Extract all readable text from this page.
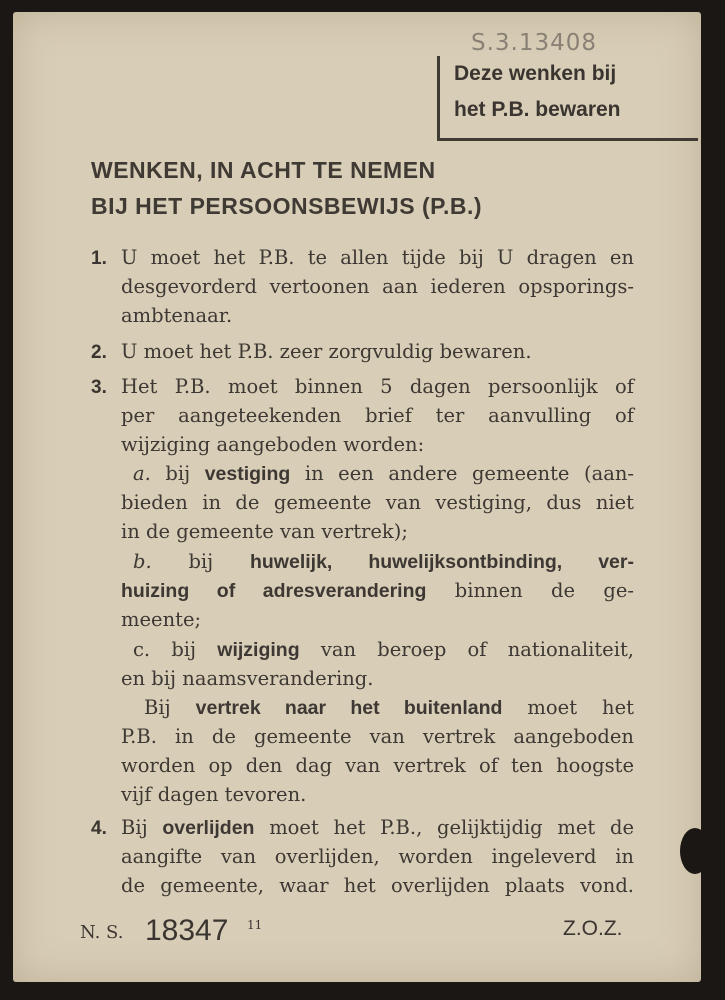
S.3.13408
Deze wenken bij
het P.B. bewaren
WENKEN, IN ACHT TE NEMEN
BIJ HET PERSOONSBEWIJS (P.B.)
1. U moet het P.B. te allen tijde bij U dragen en
desgevorderd vertoonen aan iederen opsporings-
ambtenaar.
2. U moet het P.B. zeer zorgvuldig bewaren.
3. Het P.B. moet binnen 5 dagen persoonlijk of
per aangeteekenden brief ter aanvulling of
wijziging aangeboden worden:
a. bij vestiging in een andere gemeente (aan-
bieden in de gemeente van vestiging, dus niet
in de gemeente van vertrek);
b. bij huwelijk, huwelijksontbinding, ver-
huizing of adresverandering binnen de ge-
meente;
c. bij wijziging van beroep of nationaliteit,
en bij naamsverandering.
Bij vertrek naar het buitenland moet het
P.B. in de gemeente van vertrek aangeboden
worden op den dag van vertrek of ten hoogste
vijf dagen tevoren.
4. Bij overlijden moet het P.B., gelijktijdig met de
aangifte van overlijden, worden ingeleverd in
de gemeente, waar het overlijden plaats vond.
N. S. 18347 11	Z.O.Z.
